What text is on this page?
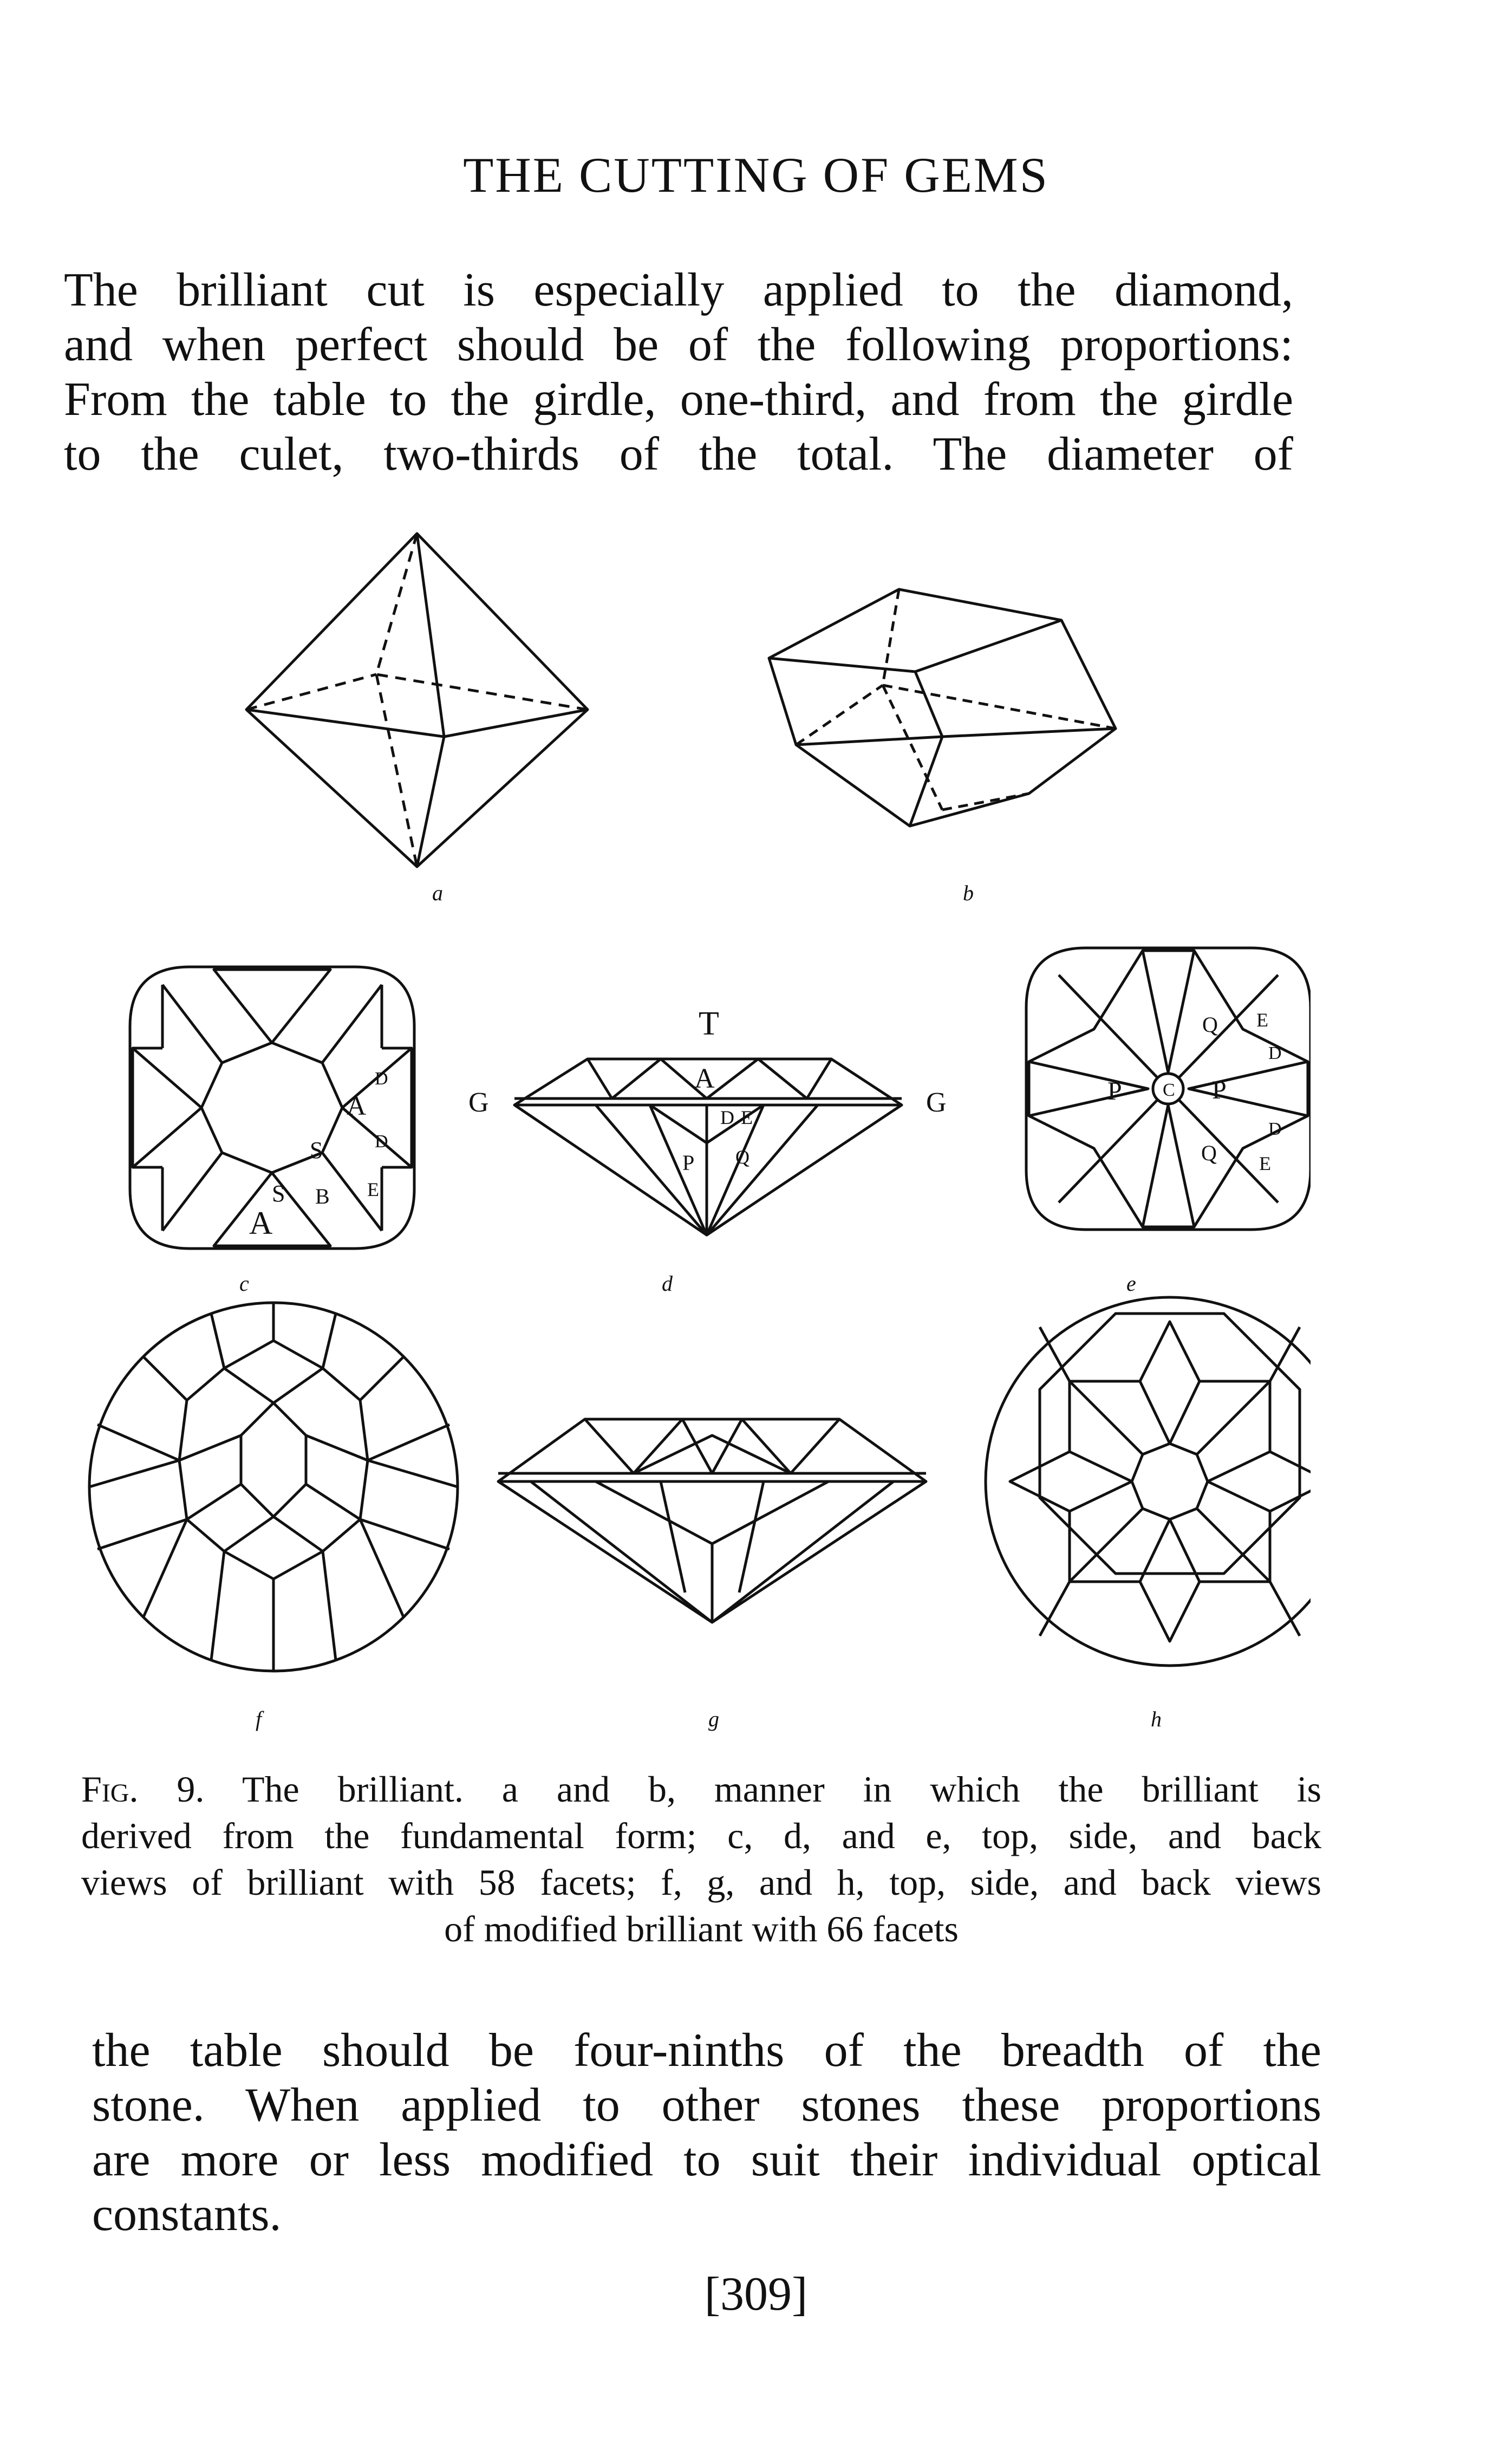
THE CUTTING OF GEMS
The brilliant cut is especially applied to the diamond,
and when perfect should be of the following proportions:
From the table to the girdle, one-third, and from the girdle
to the culet, two-thirds of the total. The diameter of
a	b
A
A
S
S B
D
D
E
c
T
G	G
A
D E
P Q
d
C
P	P
Q
Q
E
D
D
E
e
f	g	h
Fig. 9. The brilliant. a and b, manner in which the brilliant is
derived from the fundamental form; c, d, and e, top, side, and back
views of brilliant with 58 facets; f, g, and h, top, side, and back views
of modified brilliant with 66 facets
the table should be four-ninths of the breadth of the
stone. When applied to other stones these proportions
are more or less modified to suit their individual optical
constants.
[309]
